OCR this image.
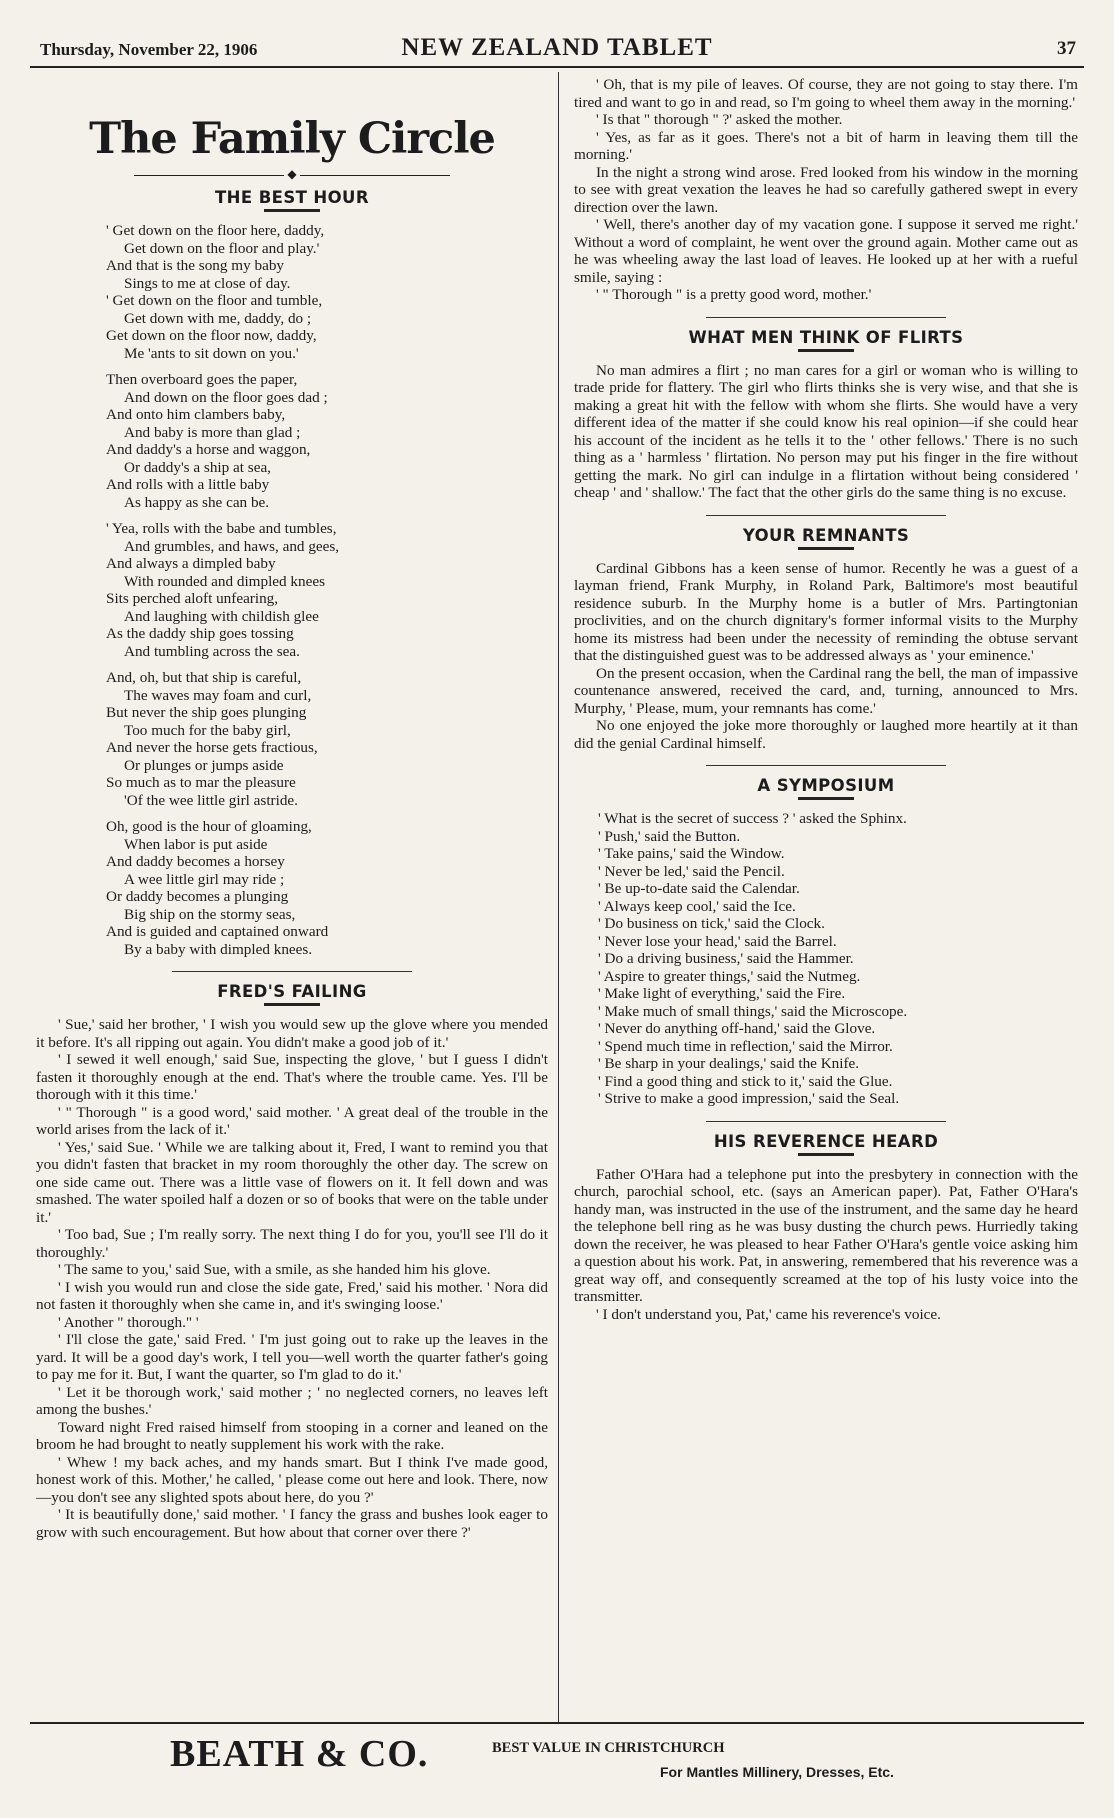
Thursday, November 22, 1906	NEW ZEALAND TABLET	37
The Family Circle
◆
THE BEST HOUR
' Get down on the floor here, daddy,
Get down on the floor and play.'
And that is the song my baby
Sings to me at close of day.
' Get down on the floor and tumble,
Get down with me, daddy, do ;
Get down on the floor now, daddy,
Me 'ants to sit down on you.'
Then overboard goes the paper,
And down on the floor goes dad ;
And onto him clambers baby,
And baby is more than glad ;
And daddy's a horse and waggon,
Or daddy's a ship at sea,
And rolls with a little baby
As happy as she can be.
' Yea, rolls with the babe and tumbles,
And grumbles, and haws, and gees,
And always a dimpled baby
With rounded and dimpled knees
Sits perched aloft unfearing,
And laughing with childish glee
As the daddy ship goes tossing
And tumbling across the sea.
And, oh, but that ship is careful,
The waves may foam and curl,
But never the ship goes plunging
Too much for the baby girl,
And never the horse gets fractious,
Or plunges or jumps aside
So much as to mar the pleasure
'Of the wee little girl astride.
Oh, good is the hour of gloaming,
When labor is put aside
And daddy becomes a horsey
A wee little girl may ride ;
Or daddy becomes a plunging
Big ship on the stormy seas,
And is guided and captained onward
By a baby with dimpled knees.
FRED'S FAILING

' Sue,' said her brother, ' I wish you would sew up the glove where you mended it before. It's all ripping out again. You didn't make a good job of it.'

' I sewed it well enough,' said Sue, inspecting the glove, ' but I guess I didn't fasten it thoroughly enough at the end. That's where the trouble came. Yes. I'll be thorough with it this time.'

' " Thorough " is a good word,' said mother. ' A great deal of the trouble in the world arises from the lack of it.'

' Yes,' said Sue. ' While we are talking about it, Fred, I want to remind you that you didn't fasten that bracket in my room thoroughly the other day. The screw on one side came out. There was a little vase of flowers on it. It fell down and was smashed. The water spoiled half a dozen or so of books that were on the table under it.'

' Too bad, Sue ; I'm really sorry. The next thing I do for you, you'll see I'll do it thoroughly.'

' The same to you,' said Sue, with a smile, as she handed him his glove.

' I wish you would run and close the side gate, Fred,' said his mother. ' Nora did not fasten it thoroughly when she came in, and it's swinging loose.'

' Another " thorough." '

' I'll close the gate,' said Fred. ' I'm just going out to rake up the leaves in the yard. It will be a good day's work, I tell you—well worth the quarter father's going to pay me for it. But, I want the quarter, so I'm glad to do it.'

' Let it be thorough work,' said mother ; ' no neglected corners, no leaves left among the bushes.'

Toward night Fred raised himself from stooping in a corner and leaned on the broom he had brought to neatly supplement his work with the rake.

' Whew ! my back aches, and my hands smart. But I think I've made good, honest work of this. Mother,' he called, ' please come out here and look. There, now—you don't see any slighted spots about here, do you ?'

' It is beautifully done,' said mother. ' I fancy the grass and bushes look eager to grow with such encouragement. But how about that corner over there ?'

' Oh, that is my pile of leaves. Of course, they are not going to stay there. I'm tired and want to go in and read, so I'm going to wheel them away in the morning.'

' Is that " thorough " ?' asked the mother.

' Yes, as far as it goes. There's not a bit of harm in leaving them till the morning.'

In the night a strong wind arose. Fred looked from his window in the morning to see with great vexation the leaves he had so carefully gathered swept in every direction over the lawn.

' Well, there's another day of my vacation gone. I suppose it served me right.' Without a word of complaint, he went over the ground again. Mother came out as he was wheeling away the last load of leaves. He looked up at her with a rueful smile, saying :

' " Thorough " is a pretty good word, mother.'

WHAT MEN THINK OF FLIRTS

No man admires a flirt ; no man cares for a girl or woman who is willing to trade pride for flattery. The girl who flirts thinks she is very wise, and that she is making a great hit with the fellow with whom she flirts. She would have a very different idea of the matter if she could know his real opinion—if she could hear his account of the incident as he tells it to the ' other fellows.' There is no such thing as a ' harmless ' flirtation. No person may put his finger in the fire without getting the mark. No girl can indulge in a flirtation without being considered ' cheap ' and ' shallow.' The fact that the other girls do the same thing is no excuse.

YOUR REMNANTS

Cardinal Gibbons has a keen sense of humor. Recently he was a guest of a layman friend, Frank Murphy, in Roland Park, Baltimore's most beautiful residence suburb. In the Murphy home is a butler of Mrs. Partingtonian proclivities, and on the church dignitary's former informal visits to the Murphy home its mistress had been under the necessity of reminding the obtuse servant that the distinguished guest was to be addressed always as ' your eminence.'

On the present occasion, when the Cardinal rang the bell, the man of impassive countenance answered, received the card, and, turning, announced to Mrs. Murphy, ' Please, mum, your remnants has come.'

No one enjoyed the joke more thoroughly or laughed more heartily at it than did the genial Cardinal himself.

A SYMPOSIUM
' What is the secret of success ? ' asked the Sphinx.
' Push,' said the Button.
' Take pains,' said the Window.
' Never be led,' said the Pencil.
' Be up-to-date said the Calendar.
' Always keep cool,' said the Ice.
' Do business on tick,' said the Clock.
' Never lose your head,' said the Barrel.
' Do a driving business,' said the Hammer.
' Aspire to greater things,' said the Nutmeg.
' Make light of everything,' said the Fire.
' Make much of small things,' said the Microscope.
' Never do anything off-hand,' said the Glove.
' Spend much time in reflection,' said the Mirror.
' Be sharp in your dealings,' said the Knife.
' Find a good thing and stick to it,' said the Glue.
' Strive to make a good impression,' said the Seal.
HIS REVERENCE HEARD

Father O'Hara had a telephone put into the presbytery in connection with the church, parochial school, etc. (says an American paper). Pat, Father O'Hara's handy man, was instructed in the use of the instrument, and the same day he heard the telephone bell ring as he was busy dusting the church pews. Hurriedly taking down the receiver, he was pleased to hear Father O'Hara's gentle voice asking him a question about his work. Pat, in answering, remembered that his reverence was a great way off, and consequently screamed at the top of his lusty voice into the transmitter.

' I don't understand you, Pat,' came his reverence's voice.

BEATH & CO.	BEST VALUE IN CHRISTCHURCH
For Mantles Millinery, Dresses, Etc.
